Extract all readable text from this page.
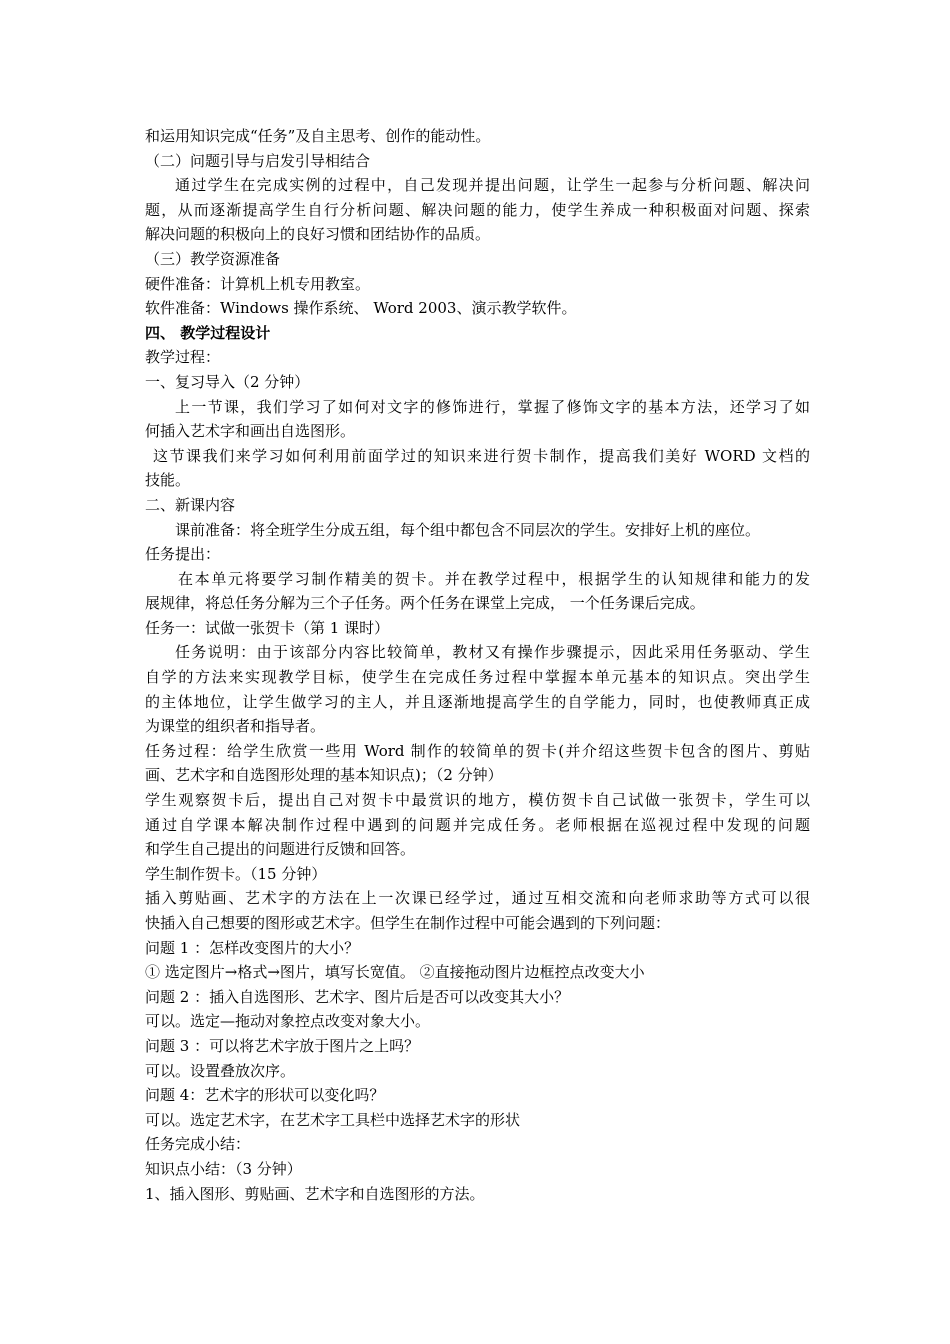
和运用知识完成“任务”及自主思考、创作的能动性。
（二）问题引导与启发引导相结合
通过学生在完成实例的过程中，自己发现并提出问题，让学生一起参与分析问题、解决问
题，从而逐渐提高学生自行分析问题、解决问题的能力，使学生养成一种积极面对问题、探索
解决问题的积极向上的良好习惯和团结协作的品质。
（三）教学资源准备
硬件准备：计算机上机专用教室。
软件准备：Windows 操作系统、 Word 2003、演示教学软件。
四、 教学过程设计
教学过程：
一、复习导入（2 分钟）
上一节课，我们学习了如何对文字的修饰进行，掌握了修饰文字的基本方法，还学习了如
何插入艺术字和画出自选图形。
这节课我们来学习如何利用前面学过的知识来进行贺卡制作，提高我们美好 WORD 文档的
技能。
二、新课内容
课前准备：将全班学生分成五组，每个组中都包含不同层次的学生。安排好上机的座位。
任务提出：
在本单元将要学习制作精美的贺卡。并在教学过程中，根据学生的认知规律和能力的发
展规律，将总任务分解为三个子任务。两个任务在课堂上完成， 一个任务课后完成。
任务一：试做一张贺卡（第 1 课时）
任务说明：由于该部分内容比较简单，教材又有操作步骤提示，因此采用任务驱动、学生
自学的方法来实现教学目标，使学生在完成任务过程中掌握本单元基本的知识点。突出学生
的主体地位，让学生做学习的主人，并且逐渐地提高学生的自学能力，同时，也使教师真正成
为课堂的组织者和指导者。
任务过程：给学生欣赏一些用 Word 制作的较简单的贺卡(并介绍这些贺卡包含的图片、剪贴
画、艺术字和自选图形处理的基本知识点)；（2 分钟）
学生观察贺卡后，提出自己对贺卡中最赏识的地方，模仿贺卡自己试做一张贺卡，学生可以
通过自学课本解决制作过程中遇到的问题并完成任务。老师根据在巡视过程中发现的问题
和学生自己提出的问题进行反馈和回答。
学生制作贺卡。（15 分钟）
插入剪贴画、艺术字的方法在上一次课已经学过，通过互相交流和向老师求助等方式可以很
快插入自己想要的图形或艺术字。但学生在制作过程中可能会遇到的下列问题：
问题 1 ：怎样改变图片的大小？
① 选定图片→格式→图片，填写长宽值。 ②直接拖动图片边框控点改变大小
问题 2 ：插入自选图形、艺术字、图片后是否可以改变其大小？
可以。选定—拖动对象控点改变对象大小。
问题 3 ：可以将艺术字放于图片之上吗？
可以。设置叠放次序。
问题 4：艺术字的形状可以变化吗？
可以。选定艺术字，在艺术字工具栏中选择艺术字的形状
任务完成小结：
知识点小结：（3 分钟）
1、插入图形、剪贴画、艺术字和自选图形的方法。
